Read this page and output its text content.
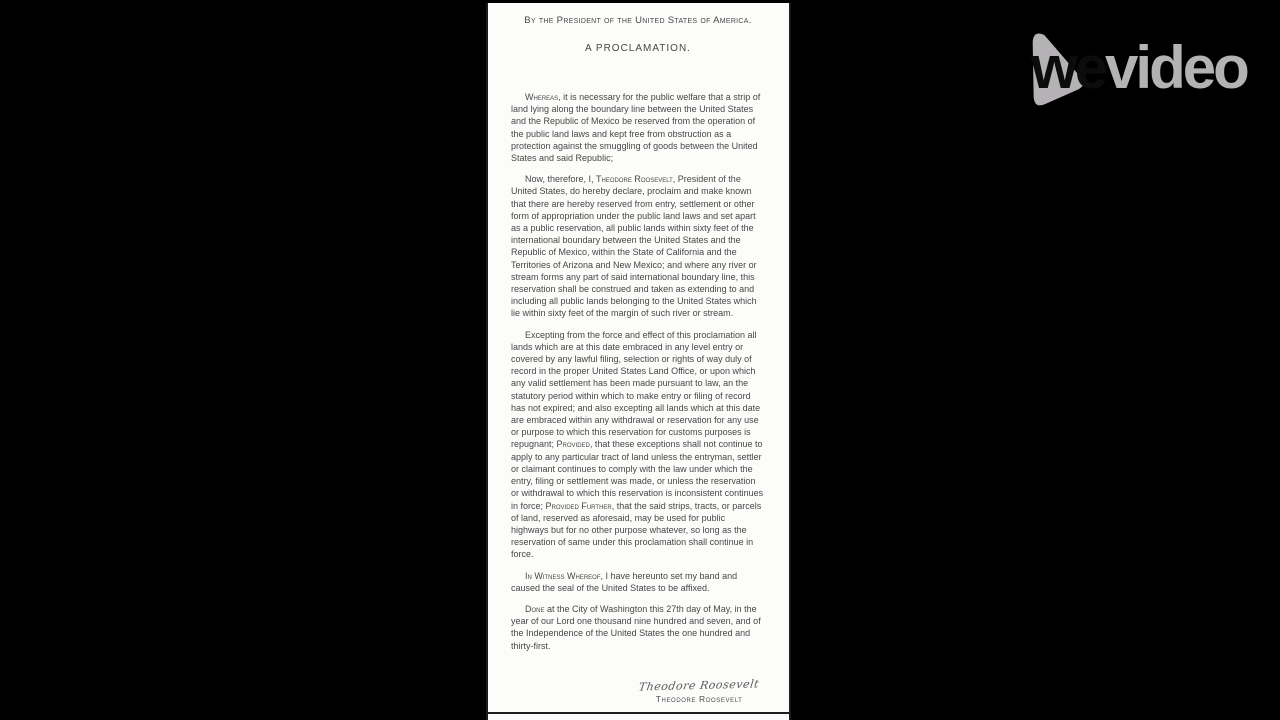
By the President of the United States of America.
A PROCLAMATION.

Whereas, it is necessary for the public welfare that a strip of land lying along the boundary line between the United States and the Republic of Mexico be reserved from the operation of the public land laws and kept free from obstruction as a protection against the smuggling of goods between the United States and said Republic;

Now, therefore, I, Theodore Roosevelt, President of the United States, do hereby declare, proclaim and make known that there are hereby reserved from entry, settlement or other form of appropriation under the public land laws and set apart as a public reservation, all public lands within sixty feet of the international boundary between the United States and the Republic of Mexico, within the State of California and the Territories of Arizona and New Mexico; and where any river or stream forms any part of said international boundary line, this reservation shall be construed and taken as extending to and including all public lands belonging to the United States which lie within sixty feet of the margin of such river or stream.

Excepting from the force and effect of this proclamation all lands which are at this date embraced in any level entry or covered by any lawful filing, selection or rights of way duly of record in the proper United States Land Office, or upon which any valid settlement has been made pursuant to law, an the statutory period within which to make entry or filing of record has not expired; and also excepting all lands which at this date are embraced within any withdrawal or reservation for any use or purpose to which this reservation for customs purposes is repugnant; Provided, that these exceptions shall not continue to apply to any particular tract of land unless the entryman, settler or claimant continues to comply with the law under which the entry, filing or settlement was made, or unless the reservation or withdrawal to which this reservation is inconsistent continues in force; Provided Further, that the said strips, tracts, or parcels of land, reserved as aforesaid, may be used for public highways but for no other purpose whatever, so long as the reservation of same under this proclamation shall continue in force.

In Witness Whereof, I have hereunto set my band and caused the seal of the United States to be affixed.

Done at the City of Washington this 27th day of May, in the year of our Lord one thousand nine hundred and seven, and of the Independence of the United States the one hundred and thirty-first.

Theodore Roosevelt
Theodore Roosevelt
wevideo
